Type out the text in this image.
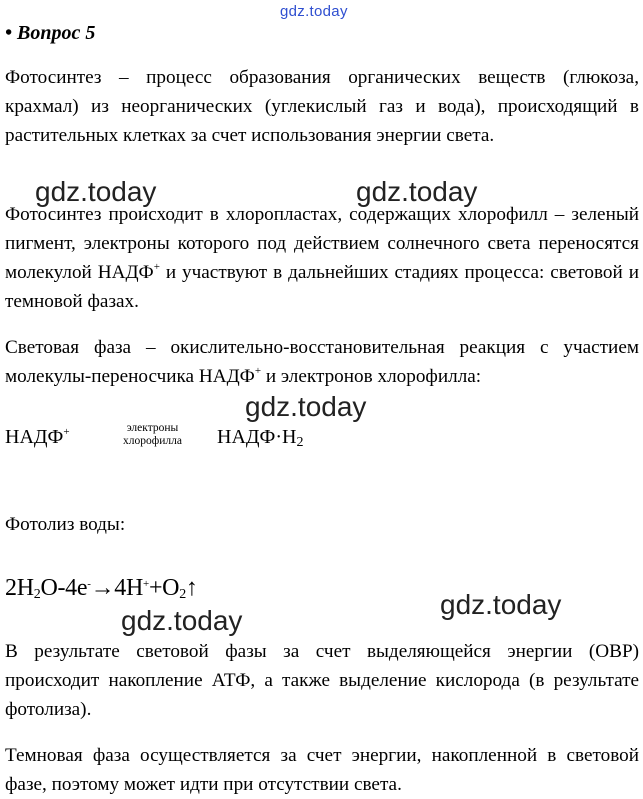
gdz.today
• Вопрос 5
Фотосинтез – процесс образования органических веществ (глюкоза, крахмал) из неорганических (углекислый газ и вода), происходящий в растительных клетках за счет использования энергии света.
Фотосинтез происходит в хлоропластах, содержащих хлорофилл – зеленый пигмент, электроны которого под действием солнечного света переносятся молекулой НАДФ+ и участвуют в дальнейших стадиях процесса: световой и темновой фазах.
Световая фаза – окислительно-восстановительная реакция с участием молекулы-переносчика НАДФ+ и электронов хлорофилла:
НАДФ+	электроны
хлорофилла $НАДФ\cdot Н_2$
Фотолиз воды:
$2H_2O-4e^-\to 4H^++O_2↑$
В результате световой фазы за счет выделяющейся энергии (ОВР) происходит накопление АТФ, а также выделение кислорода (в результате фотолиза).
Темновая фаза осуществляется за счет энергии, накопленной в световой фазе, поэтому может идти при отсутствии света.
gdz.today	gdz.today
gdz.today
gdz.today
gdz.today
